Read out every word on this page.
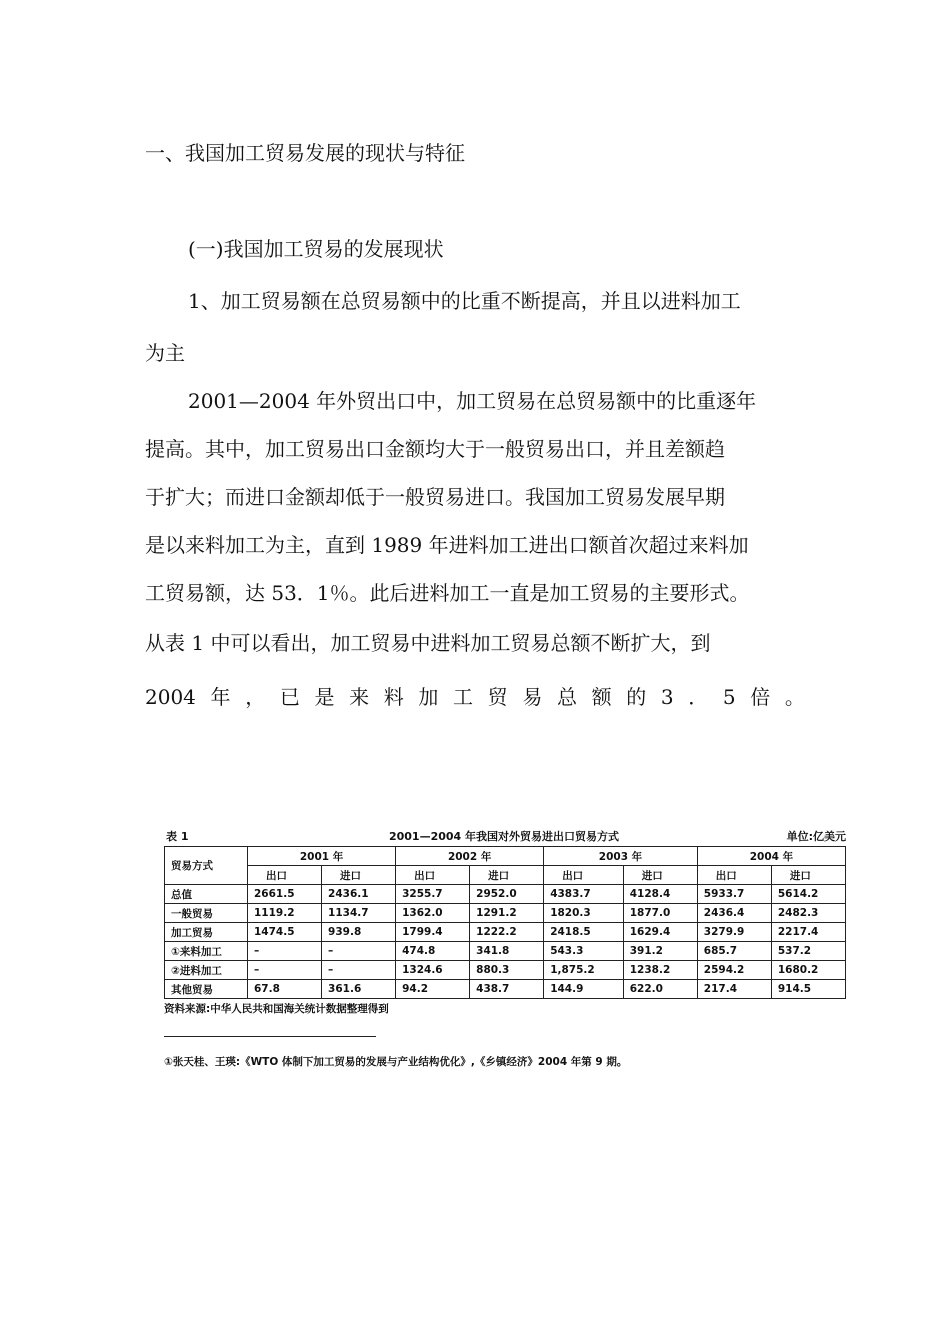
一、我国加工贸易发展的现状与特征

(一)我国加工贸易的发展现状

1、加工贸易额在总贸易额中的比重不断提高，并且以进料加工

为主

2001—2004 年外贸出口中，加工贸易在总贸易额中的比重逐年

提高。其中，加工贸易出口金额均大于一般贸易出口，并且差额趋

于扩大；而进口金额却低于一般贸易进口。我国加工贸易发展早期

是以来料加工为主，直到 1989 年进料加工进出口额首次超过来料加

工贸易额，达 53．1％。此后进料加工一直是加工贸易的主要形式。

从表 1 中可以看出，加工贸易中进料加工贸易总额不断扩大，到

2004 年 ， 已 是 来 料 加 工 贸 易 总 额 的 3 ． 5 倍 。
表 1	2001—2004 年我国对外贸易进出口贸易方式	单位:亿美元
贸易方式	2001 年		2002 年		2003 年		2004 年	
	出口	进口	出口	进口	出口	进口	出口	进口
总值	2661.5	2436.1	3255.7	2952.0	4383.7	4128.4	5933.7	5614.2
一般贸易	1119.2	1134.7	1362.0	1291.2	1820.3	1877.0	2436.4	2482.3
加工贸易	1474.5	939.8	1799.4	1222.2	2418.5	1629.4	3279.9	2217.4
①来料加工	–	–	474.8	341.8	543.3	391.2	685.7	537.2
②进料加工	–	–	1324.6	880.3	1,875.2	1238.2	2594.2	1680.2
其他贸易	67.8	361.6	94.2	438.7	144.9	622.0	217.4	914.5
资料来源:中华人民共和国海关统计数据整理得到
①张天桂、王瑛:《WTO 体制下加工贸易的发展与产业结构优化》,《乡镇经济》2004 年第 9 期。
